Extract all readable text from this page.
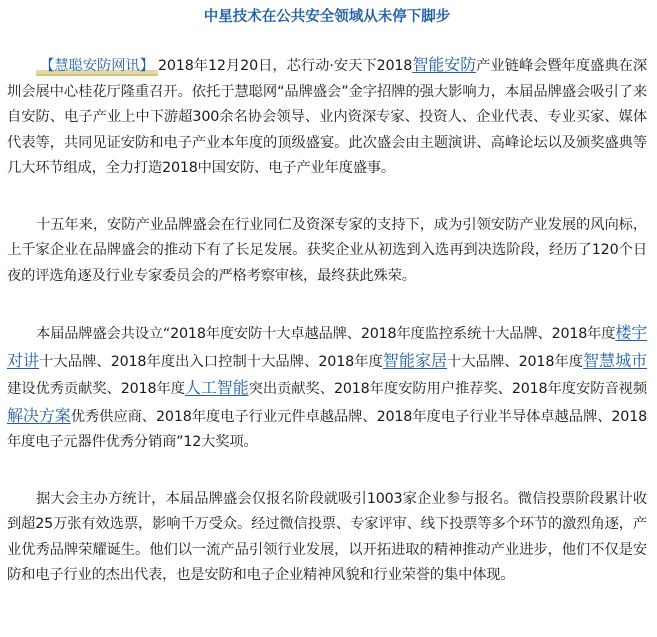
中星技术在公共安全领域从未停下脚步

【慧聪安防网讯】 2018年12月20日，芯行动·安天下2018智能安防产业链峰会暨年度盛典在深圳会展中心桂花厅隆重召开。依托于慧聪网“品牌盛会”金字招牌的强大影响力，本届品牌盛会吸引了来自安防、电子产业上中下游超300余名协会领导、业内资深专家、投资人、企业代表、专业买家、媒体代表等，共同见证安防和电子产业本年度的顶级盛宴。此次盛会由主题演讲、高峰论坛以及颁奖盛典等几大环节组成，全力打造2018中国安防、电子产业年度盛事。

十五年来，安防产业品牌盛会在行业同仁及资深专家的支持下，成为引领安防产业发展的风向标，上千家企业在品牌盛会的推动下有了长足发展。获奖企业从初选到入选再到决选阶段，经历了120个日夜的评选角逐及行业专家委员会的严格考察审核，最终获此殊荣。

本届品牌盛会共设立“2018年度安防十大卓越品牌、2018年度监控系统十大品牌、2018年度楼宇对讲十大品牌、2018年度出入口控制十大品牌、2018年度智能家居十大品牌、2018年度智慧城市建设优秀贡献奖、2018年度人工智能突出贡献奖、2018年度安防用户推荐奖、2018年度安防音视频解决方案优秀供应商、2018年度电子行业元件卓越品牌、2018年度电子行业半导体卓越品牌、2018年度电子元器件优秀分销商”12大奖项。

据大会主办方统计，本届品牌盛会仅报名阶段就吸引1003家企业参与报名。微信投票阶段累计收到超25万张有效选票，影响千万受众。经过微信投票、专家评审、线下投票等多个环节的激烈角逐，产业优秀品牌荣耀诞生。他们以一流产品引领行业发展，以开拓进取的精神推动产业进步，他们不仅是安防和电子行业的杰出代表，也是安防和电子企业精神风貌和行业荣誉的集中体现。
